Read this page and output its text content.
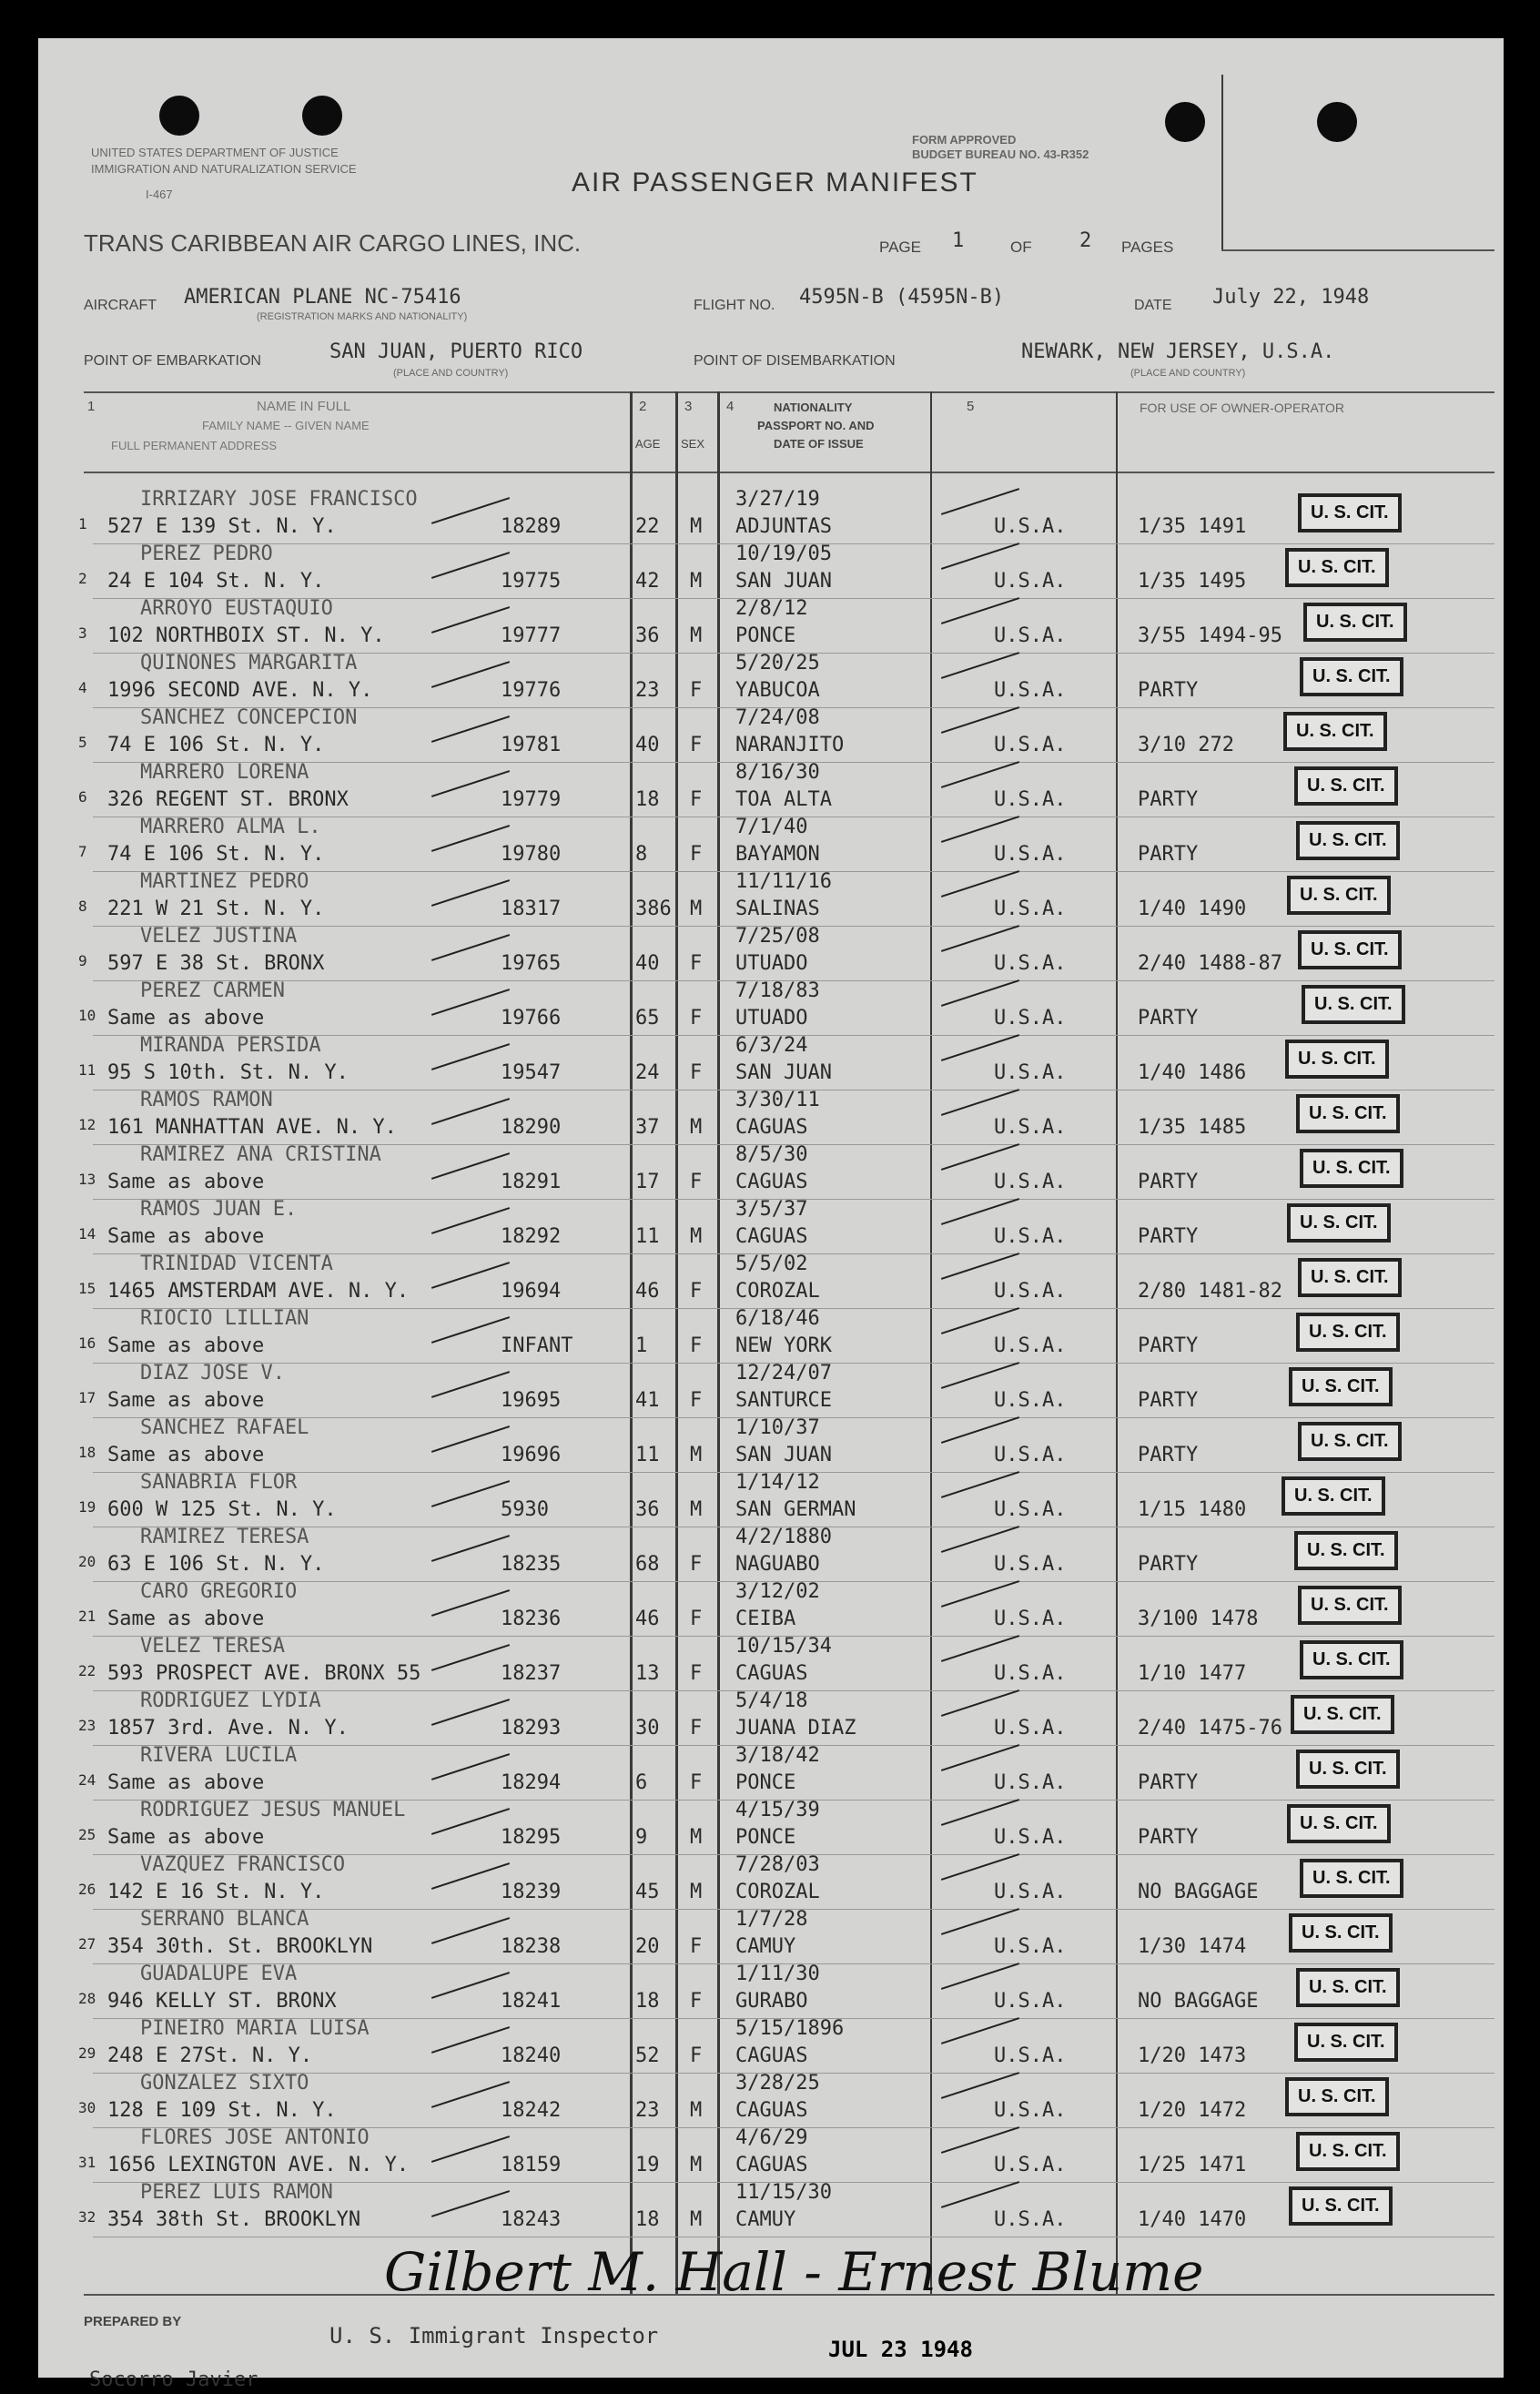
UNITED STATES DEPARTMENT OF JUSTICE
IMMIGRATION AND NATURALIZATION SERVICE
I-467
FORM APPROVED
BUDGET BUREAU NO. 43-R352
AIR PASSENGER MANIFEST
TRANS CARIBBEAN AIR CARGO LINES, INC.	PAGE 1	OF 2 PAGES
AIRCRAFT AMERICAN PLANE NC-75416
(REGISTRATION MARKS AND NATIONALITY)
FLIGHT NO. 4595N-B (4595N-B)	DATE July 22, 1948
POINT OF EMBARKATION	SAN JUAN, PUERTO RICO
(PLACE AND COUNTRY)
POINT OF DISEMBARKATION	NEWARK, NEW JERSEY, U.S.A.
(PLACE AND COUNTRY)
1	NAME IN FULL
FAMILY NAME -- GIVEN NAME
FULL PERMANENT ADDRESS
2
AGE
3
SEX
4	NATIONALITY
PASSPORT NO. AND
DATE OF ISSUE
5	FOR USE OF OWNER-OPERATOR
IRRIZARY JOSE FRANCISCO
1 527 E 139 St. N. Y.	18289	22 M
3/27/19
ADJUNTAS	U.S.A.	1/35 1491
U. S. CIT.
PEREZ PEDRO
2 24 E 104 St. N. Y.	19775	42 M
10/19/05
SAN JUAN	U.S.A.	1/35 1495
U. S. CIT.
ARROYO EUSTAQUIO
3 102 NORTHBOIX ST. N. Y.	19777	36 M
2/8/12
PONCE	U.S.A.	3/55 1494-95
U. S. CIT.
QUINONES MARGARITA
4 1996 SECOND AVE. N. Y.	19776	23 F
5/20/25
YABUCOA	U.S.A.	PARTY
U. S. CIT.
SANCHEZ CONCEPCION
5 74 E 106 St. N. Y.	19781	40 F
7/24/08
NARANJITO	U.S.A.	3/10 272
U. S. CIT.
MARRERO LORENA
6 326 REGENT ST. BRONX	19779	18 F
8/16/30
TOA ALTA	U.S.A.	PARTY
U. S. CIT.
MARRERO ALMA L.
7 74 E 106 St. N. Y.	19780	8 F
7/1/40
BAYAMON	U.S.A.	PARTY
U. S. CIT.
MARTINEZ PEDRO
8 221 W 21 St. N. Y.	18317	386 M
11/11/16
SALINAS	U.S.A.	1/40 1490
U. S. CIT.
VELEZ JUSTINA
9 597 E 38 St. BRONX	19765	40 F
7/25/08
UTUADO	U.S.A.	2/40 1488-87
U. S. CIT.
PEREZ CARMEN
10 Same as above	19766	65 F
7/18/83
UTUADO	U.S.A.	PARTY
U. S. CIT.
MIRANDA PERSIDA
11 95 S 10th. St. N. Y.	19547	24 F
6/3/24
SAN JUAN	U.S.A.	1/40 1486
U. S. CIT.
RAMOS RAMON
12 161 MANHATTAN AVE. N. Y.	18290	37 M
3/30/11
CAGUAS	U.S.A.	1/35 1485
U. S. CIT.
RAMIREZ ANA CRISTINA
13 Same as above	18291	17 F
8/5/30
CAGUAS	U.S.A.	PARTY
U. S. CIT.
RAMOS JUAN E.
14 Same as above	18292	11 M
3/5/37
CAGUAS	U.S.A.	PARTY
U. S. CIT.
TRINIDAD VICENTA
15 1465 AMSTERDAM AVE. N. Y.	19694	46 F
5/5/02
COROZAL	U.S.A.	2/80 1481-82
U. S. CIT.
RIOCIO LILLIAN
16 Same as above	INFANT	1 F
6/18/46
NEW YORK	U.S.A.	PARTY
U. S. CIT.
DIAZ JOSE V.
17 Same as above	19695	41 F
12/24/07
SANTURCE	U.S.A.	PARTY
U. S. CIT.
SANCHEZ RAFAEL
18 Same as above	19696	11 M
1/10/37
SAN JUAN	U.S.A.	PARTY
U. S. CIT.
SANABRIA FLOR
19 600 W 125 St. N. Y.	5930	36 M
1/14/12
SAN GERMAN	U.S.A.	1/15 1480
U. S. CIT.
RAMIREZ TERESA
20 63 E 106 St. N. Y.	18235	68 F
4/2/1880
NAGUABO	U.S.A.	PARTY
U. S. CIT.
CARO GREGORIO
21 Same as above	18236	46 F
3/12/02
CEIBA	U.S.A.	3/100 1478
U. S. CIT.
VELEZ TERESA
22 593 PROSPECT AVE. BRONX 55	18237	13 F
10/15/34
CAGUAS	U.S.A.	1/10 1477
U. S. CIT.
RODRIGUEZ LYDIA
23 1857 3rd. Ave. N. Y.	18293	30 F
5/4/18
JUANA DIAZ	U.S.A.	2/40 1475-76
U. S. CIT.
RIVERA LUCILA
24 Same as above	18294	6 F
3/18/42
PONCE	U.S.A.	PARTY
U. S. CIT.
RODRIGUEZ JESUS MANUEL
25 Same as above	18295	9 M
4/15/39
PONCE	U.S.A.	PARTY
U. S. CIT.
VAZQUEZ FRANCISCO
26 142 E 16 St. N. Y.	18239	45 M
7/28/03
COROZAL	U.S.A.	NO BAGGAGE
U. S. CIT.
SERRANO BLANCA
27 354 30th. St. BROOKLYN	18238	20 F
1/7/28
CAMUY	U.S.A.	1/30 1474
U. S. CIT.
GUADALUPE EVA
28 946 KELLY ST. BRONX	18241	18 F
1/11/30
GURABO	U.S.A.	NO BAGGAGE
U. S. CIT.
PINEIRO MARIA LUISA
29 248 E 27St. N. Y.	18240	52 F
5/15/1896
CAGUAS	U.S.A.	1/20 1473
U. S. CIT.
GONZALEZ SIXTO
30 128 E 109 St. N. Y.	18242	23 M
3/28/25
CAGUAS	U.S.A.	1/20 1472
U. S. CIT.
FLORES JOSE ANTONIO
31 1656 LEXINGTON AVE. N. Y.	18159	19 M
4/6/29
CAGUAS	U.S.A.	1/25 1471
U. S. CIT.
PEREZ LUIS RAMON
32 354 38th St. BROOKLYN	18243	18 M
11/15/30
CAMUY	U.S.A.	1/40 1470
U. S. CIT.
Gilbert M. Hall - Ernest Blume
PREPARED BY
U. S. Immigrant Inspector
JUL 23 1948
Socorro Javier
